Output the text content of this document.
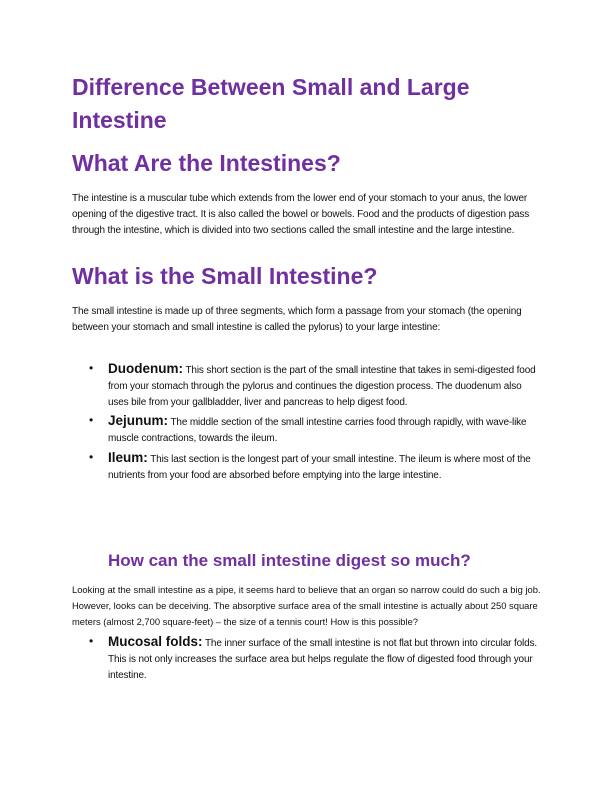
Difference Between Small and Large Intestine
What Are the Intestines?

The intestine is a muscular tube which extends from the lower end of your stomach to your anus, the lower opening of the digestive tract. It is also called the bowel or bowels. Food and the products of digestion pass through the intestine, which is divided into two sections called the small intestine and the large intestine.

What is the Small Intestine?

The small intestine is made up of three segments, which form a passage from your stomach (the opening between your stomach and small intestine is called the pylorus) to your large intestine:

• Duodenum: This short section is the part of the small intestine that takes in semi-digested food from your stomach through the pylorus and continues the digestion process. The duodenum also uses bile from your gallbladder, liver and pancreas to help digest food.
• Jejunum: The middle section of the small intestine carries food through rapidly, with wave-like muscle contractions, towards the ileum.
• Ileum: This last section is the longest part of your small intestine. The ileum is where most of the nutrients from your food are absorbed before emptying into the large intestine.
How can the small intestine digest so much?

Looking at the small intestine as a pipe, it seems hard to believe that an organ so narrow could do such a big job. However, looks can be deceiving. The absorptive surface area of the small intestine is actually about 250 square meters (almost 2,700 square-feet) – the size of a tennis court! How is this possible?

• Mucosal folds: The inner surface of the small intestine is not flat but thrown into circular folds. This is not only increases the surface area but helps regulate the flow of digested food through your intestine.
